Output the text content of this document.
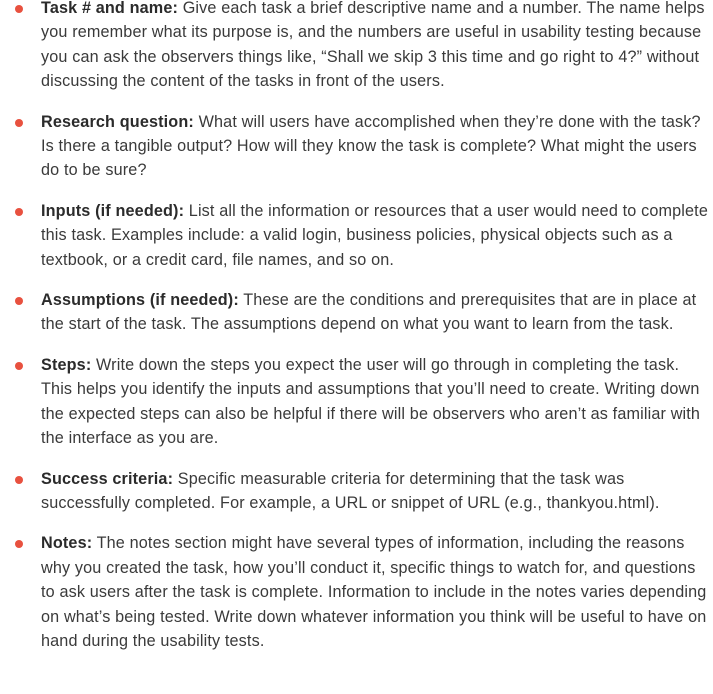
Task # and name: Give each task a brief descriptive name and a number. The name helps you remember what its purpose is, and the numbers are useful in usability testing because you can ask the observers things like, “Shall we skip 3 this time and go right to 4?” without discussing the content of the tasks in front of the users.
Research question: What will users have accomplished when they’re done with the task? Is there a tangible output? How will they know the task is complete? What might the users do to be sure?
Inputs (if needed): List all the information or resources that a user would need to complete this task. Examples include: a valid login, business policies, physical objects such as a textbook, or a credit card, file names, and so on.
Assumptions (if needed): These are the conditions and prerequisites that are in place at the start of the task. The assumptions depend on what you want to learn from the task.
Steps: Write down the steps you expect the user will go through in completing the task. This helps you identify the inputs and assumptions that you’ll need to create. Writing down the expected steps can also be helpful if there will be observers who aren’t as familiar with the interface as you are.
Success criteria: Specific measurable criteria for determining that the task was successfully completed. For example, a URL or snippet of URL (e.g., thankyou.html).
Notes: The notes section might have several types of information, including the reasons why you created the task, how you’ll conduct it, specific things to watch for, and questions to ask users after the task is complete. Information to include in the notes varies depending on what’s being tested. Write down whatever information you think will be useful to have on hand during the usability tests.
